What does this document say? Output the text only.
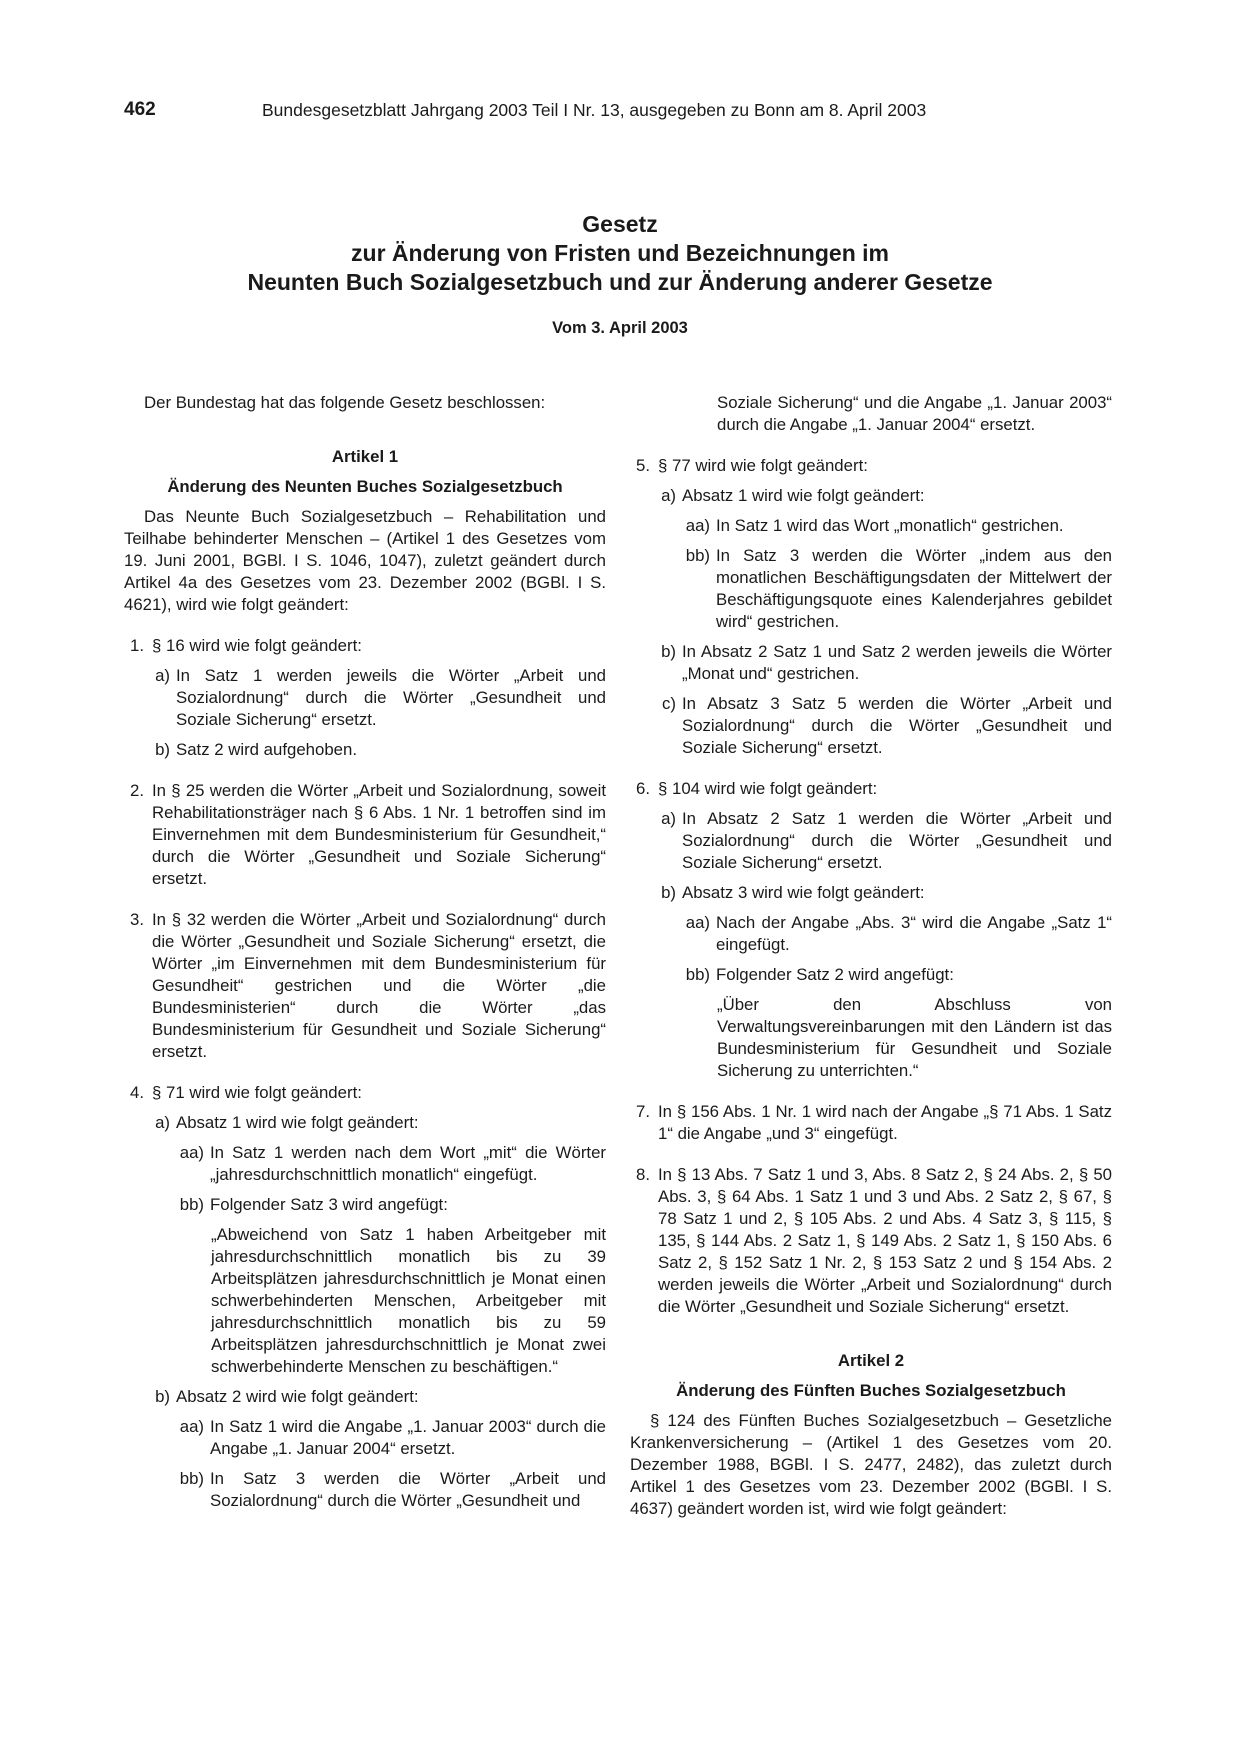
462	Bundesgesetzblatt Jahrgang 2003 Teil I Nr. 13, ausgegeben zu Bonn am 8. April 2003
Gesetz
zur Änderung von Fristen und Bezeichnungen im
Neunten Buch Sozialgesetzbuch und zur Änderung anderer Gesetze
Vom 3. April 2003

Der Bundestag hat das folgende Gesetz beschlossen:

Artikel 1

Änderung des Neunten Buches Sozialgesetzbuch

Das Neunte Buch Sozialgesetzbuch – Rehabilitation und Teilhabe behinderter Menschen – (Artikel 1 des Gesetzes vom 19. Juni 2001, BGBl. I S. 1046, 1047), zuletzt geändert durch Artikel 4a des Gesetzes vom 23. Dezember 2002 (BGBl. I S. 4621), wird wie folgt geändert:

1. § 16 wird wie folgt geändert:
a) In Satz 1 werden jeweils die Wörter „Arbeit und Sozialordnung“ durch die Wörter „Gesundheit und Soziale Sicherung“ ersetzt.
b) Satz 2 wird aufgehoben.
2. In § 25 werden die Wörter „Arbeit und Sozialordnung, soweit Rehabilitationsträger nach § 6 Abs. 1 Nr. 1 betroffen sind im Einvernehmen mit dem Bundesministerium für Gesundheit,“ durch die Wörter „Gesundheit und Soziale Sicherung“ ersetzt.
3. In § 32 werden die Wörter „Arbeit und Sozialordnung“ durch die Wörter „Gesundheit und Soziale Sicherung“ ersetzt, die Wörter „im Einvernehmen mit dem Bundesministerium für Gesundheit“ gestrichen und die Wörter „die Bundesministerien“ durch die Wörter „das Bundesministerium für Gesundheit und Soziale Sicherung“ ersetzt.
4. § 71 wird wie folgt geändert:
a) Absatz 1 wird wie folgt geändert:
aa) In Satz 1 werden nach dem Wort „mit“ die Wörter „jahresdurchschnittlich monatlich“ eingefügt.
bb) Folgender Satz 3 wird angefügt:

„Abweichend von Satz 1 haben Arbeitgeber mit jahresdurchschnittlich monatlich bis zu 39 Arbeitsplätzen jahresdurchschnittlich je Monat einen schwerbehinderten Menschen, Arbeitgeber mit jahresdurchschnittlich monatlich bis zu 59 Arbeitsplätzen jahresdurchschnittlich je Monat zwei schwerbehinderte Menschen zu beschäftigen.“

b) Absatz 2 wird wie folgt geändert:
aa) In Satz 1 wird die Angabe „1. Januar 2003“ durch die Angabe „1. Januar 2004“ ersetzt.
bb) In Satz 3 werden die Wörter „Arbeit und Sozialordnung“ durch die Wörter „Gesundheit und

Soziale Sicherung“ und die Angabe „1. Januar 2003“ durch die Angabe „1. Januar 2004“ ersetzt.

5. § 77 wird wie folgt geändert:
a) Absatz 1 wird wie folgt geändert:
aa) In Satz 1 wird das Wort „monatlich“ gestrichen.
bb) In Satz 3 werden die Wörter „indem aus den monatlichen Beschäftigungsdaten der Mittelwert der Beschäftigungsquote eines Kalenderjahres gebildet wird“ gestrichen.
b) In Absatz 2 Satz 1 und Satz 2 werden jeweils die Wörter „Monat und“ gestrichen.
c) In Absatz 3 Satz 5 werden die Wörter „Arbeit und Sozialordnung“ durch die Wörter „Gesundheit und Soziale Sicherung“ ersetzt.
6. § 104 wird wie folgt geändert:
a) In Absatz 2 Satz 1 werden die Wörter „Arbeit und Sozialordnung“ durch die Wörter „Gesundheit und Soziale Sicherung“ ersetzt.
b) Absatz 3 wird wie folgt geändert:
aa) Nach der Angabe „Abs. 3“ wird die Angabe „Satz 1“ eingefügt.
bb) Folgender Satz 2 wird angefügt:

„Über den Abschluss von Verwaltungsvereinbarungen mit den Ländern ist das Bundesministerium für Gesundheit und Soziale Sicherung zu unterrichten.“

7. In § 156 Abs. 1 Nr. 1 wird nach der Angabe „§ 71 Abs. 1 Satz 1“ die Angabe „und 3“ eingefügt.
8. In § 13 Abs. 7 Satz 1 und 3, Abs. 8 Satz 2, § 24 Abs. 2, § 50 Abs. 3, § 64 Abs. 1 Satz 1 und 3 und Abs. 2 Satz 2, § 67, § 78 Satz 1 und 2, § 105 Abs. 2 und Abs. 4 Satz 3, § 115, § 135, § 144 Abs. 2 Satz 1, § 149 Abs. 2 Satz 1, § 150 Abs. 6 Satz 2, § 152 Satz 1 Nr. 2, § 153 Satz 2 und § 154 Abs. 2 werden jeweils die Wörter „Arbeit und Sozialordnung“ durch die Wörter „Gesundheit und Soziale Sicherung“ ersetzt.

Artikel 2

Änderung des Fünften Buches Sozialgesetzbuch

§ 124 des Fünften Buches Sozialgesetzbuch – Gesetzliche Krankenversicherung – (Artikel 1 des Gesetzes vom 20. Dezember 1988, BGBl. I S. 2477, 2482), das zuletzt durch Artikel 1 des Gesetzes vom 23. Dezember 2002 (BGBl. I S. 4637) geändert worden ist, wird wie folgt geändert:
